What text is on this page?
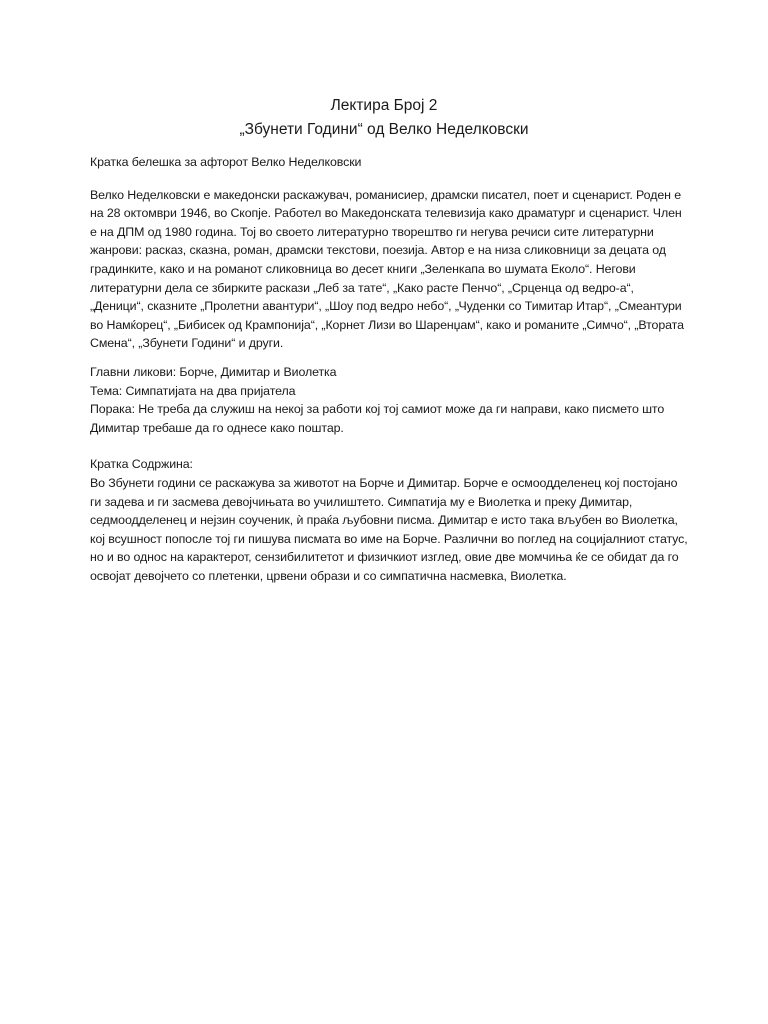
Лектира Број 2

„Збунети Години“ од Велко Неделковски

Кратка белешка за афторот Велко Неделковски

Велко Неделковски е македонски раскажувач, романисиер, драмски писател, поет и сценарист. Роден е на 28 октомври 1946, во Скопје. Работел во Македонската телевизија како драматург и сценарист. Член е на ДПМ од 1980 година. Тој во своето литературно творештво ги негува речиси сите литературни жанрови: расказ, сказна, роман, драмски текстови, поезија. Автор е на низа сликовници за децата од градинките, како и на романот сликовница во десет книги „Зеленкапа во шумата Еколо“. Негови литературни дела се збирките раскази „Леб за тате“, „Како расте Пенчо“, „Срценца од ведро-а“, „Деници“, сказните „Пролетни авантури“, „Шоу под ведро небо“, „Чуденки со Тимитар Итар“, „Смеантури во Намќорец“, „Бибисек од Крампонија“, „Корнет Лизи во Шаренџам“, како и романите „Симчо“, „Втората Смена“, „Збунети Години“ и други.

Главни ликови: Борче, Димитар и Виолетка

Тема: Симпатијата на два пријатела

Порака: Не треба да служиш на некој за работи кој тој самиот може да ги направи, како писмето што Димитар требаше да го однесе како поштар.

Кратка Содржина:

Во Збунети години се раскажува за животот на Борче и Димитар. Борче е осмоодделенец кој постојано ги задева и ги засмева девојчињата во училиштето. Симпатија му е Виолетка и преку Димитар, седмоодделенец и нејзин соученик, ѝ праќа љубовни писма. Димитар е исто така вљубен во Виолетка, кој всушност попосле тој ги пишува писмата во име на Борче. Различни во поглед на социјалниот статус, но и во однос на карактерот, сензибилитетот и физичкиот изглед, овие две момчиња ќе се обидат да го освојат девојчето со плетенки, црвени образи и со симпатична насмевка, Виолетка.
